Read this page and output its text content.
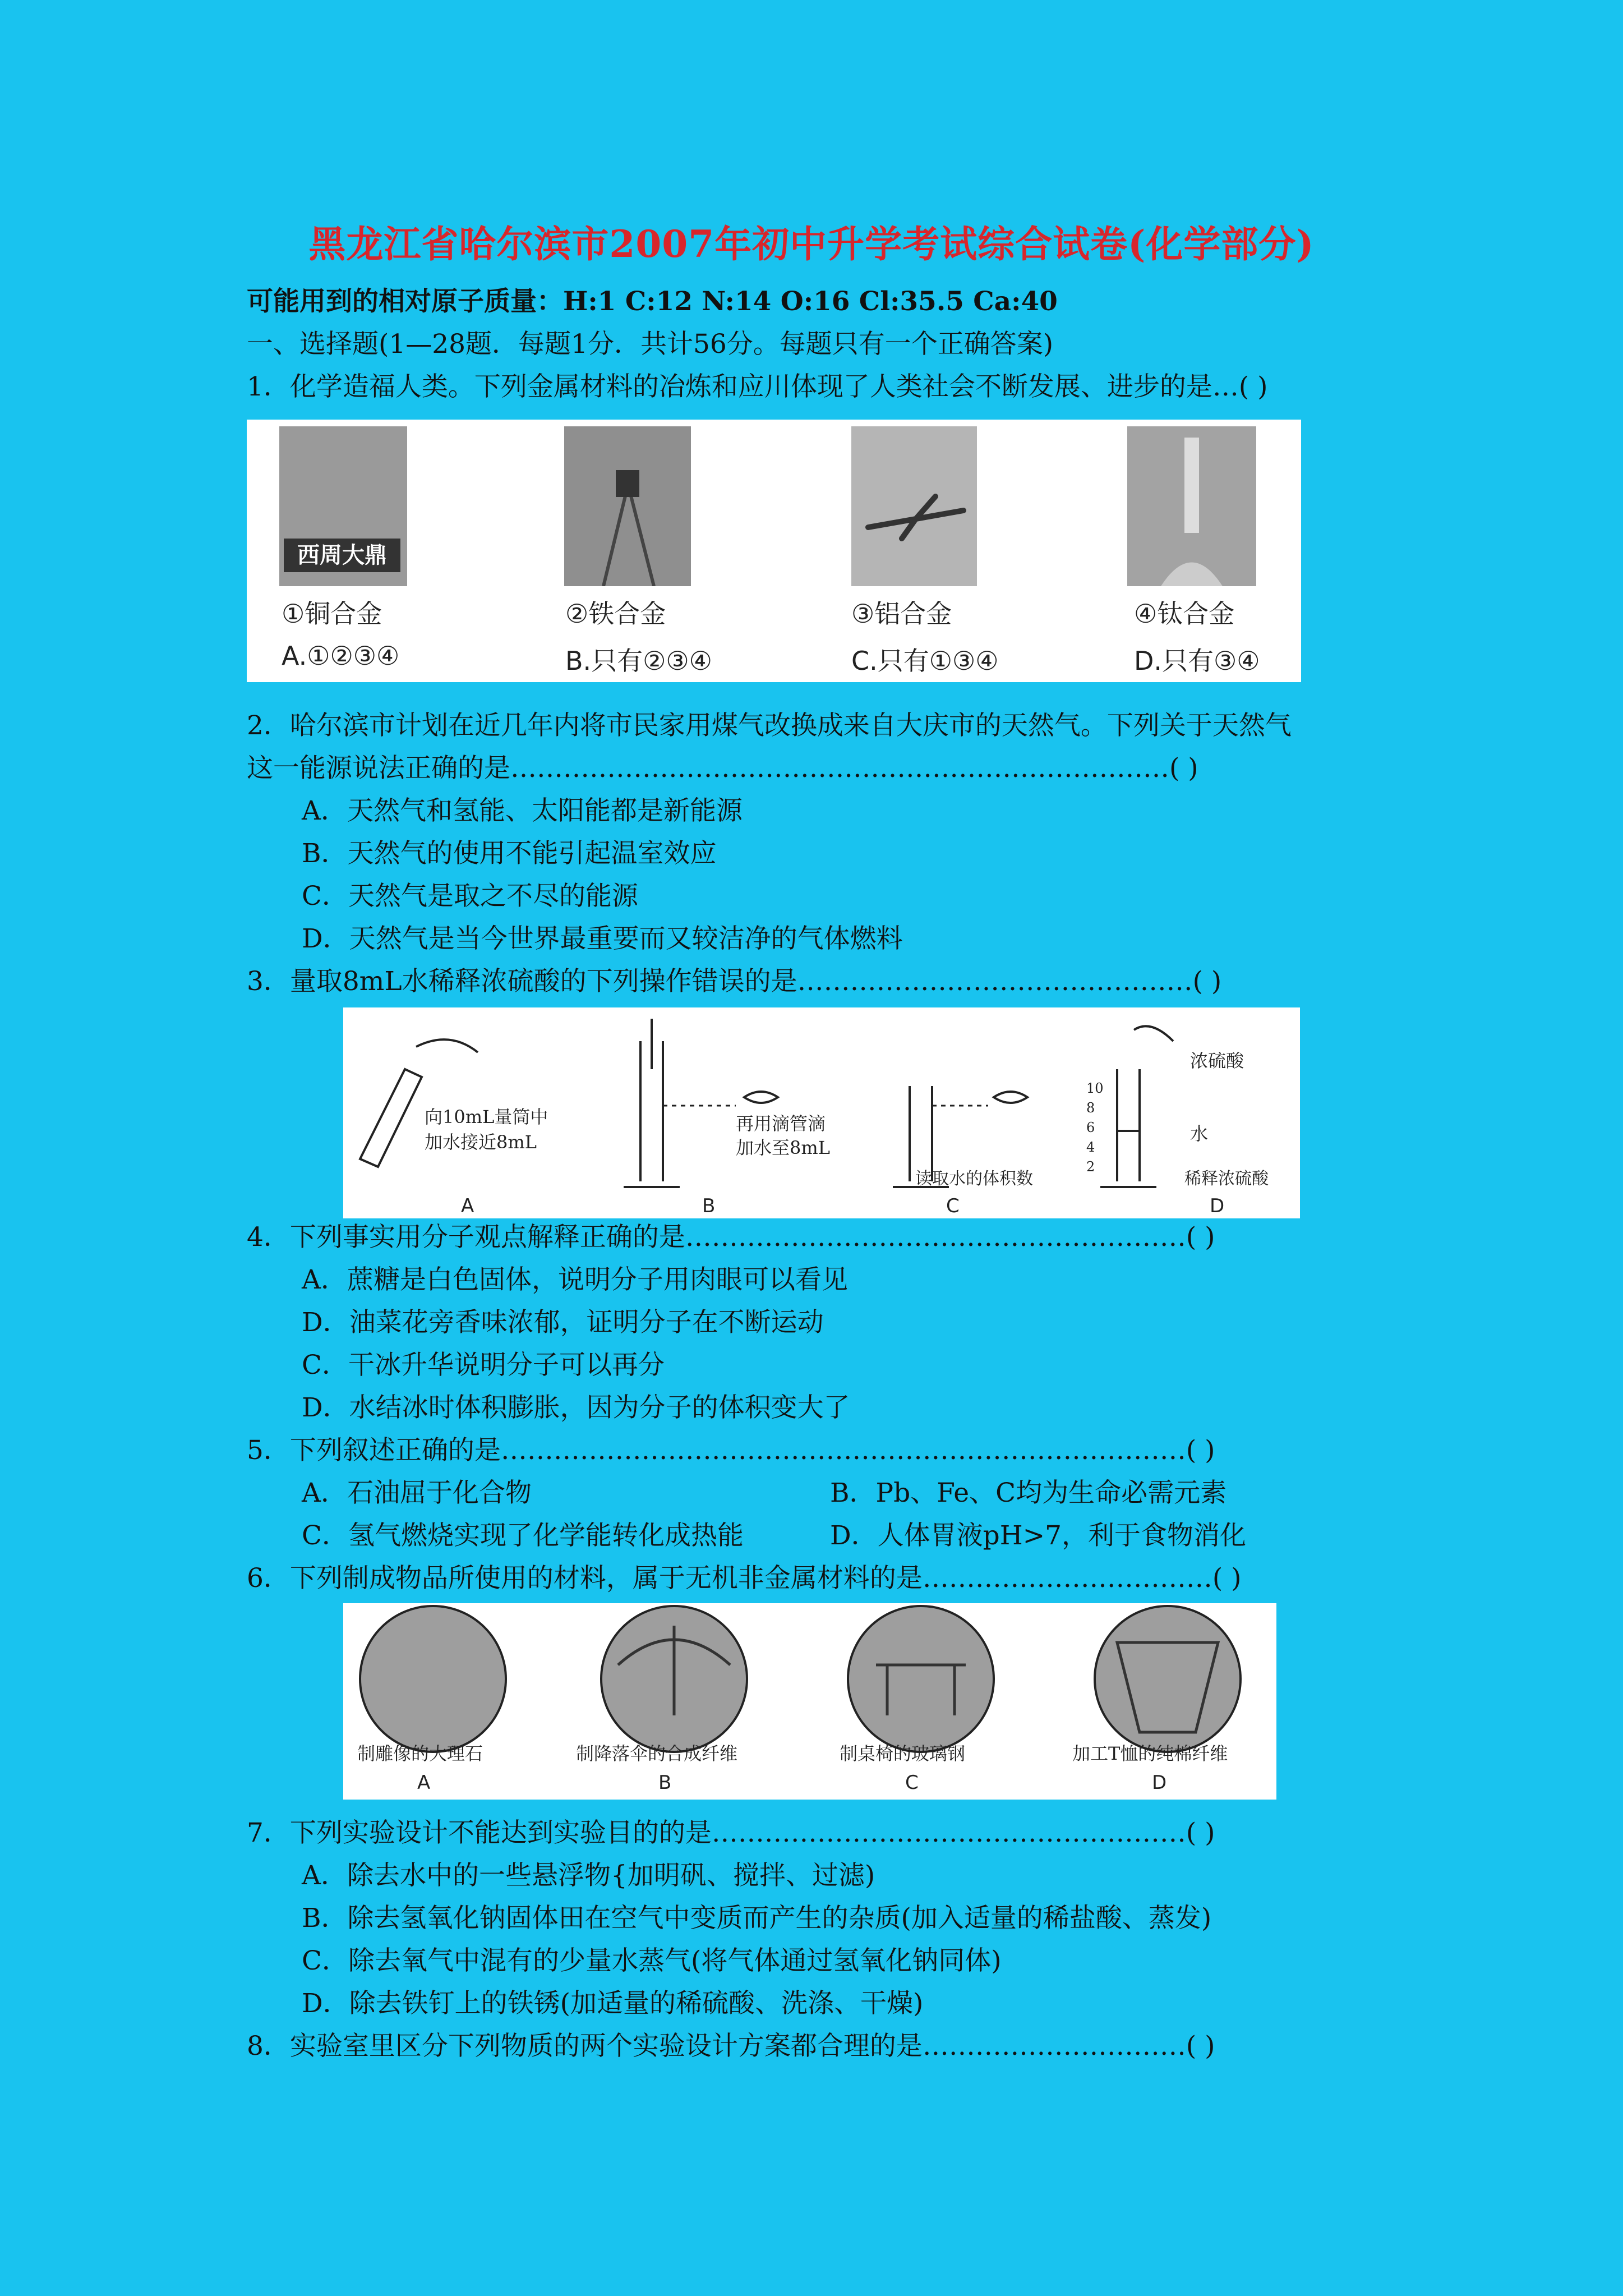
黑龙江省哈尔滨市2007年初中升学考试综合试卷(化学部分)
可能用到的相对原子质量：H:1 C:12 N:14 O:16 Cl:35.5 Ca:40
一、选择题(1—28题．每题1分．共计56分。每题只有一个正确答案)
1．化学造福人类。下列金属材料的冶炼和应川体现了人类社会不断发展、进步的是…( )
西周大鼎
①铜合金	②铁合金	③铝合金	④钛合金
A.①②③④	B.只有②③④	C.只有①③④	D.只有③④
2．哈尔滨市计划在近几年内将市民家用煤气改换成来自大庆市的天然气。下列关于天然气
这一能源说法正确的是…………………………………………………………………( )
A．天然气和氢能、太阳能都是新能源
B．天然气的使用不能引起温室效应
C．天然气是取之不尽的能源
D．天然气是当今世界最重要而又较洁净的气体燃料
3．量取8mL水稀释浓硫酸的下列操作错误的是………………………………………( )
向10mL量筒中
加水接近8mL
再用滴管滴
加水至8mL
读取水的体积数
浓硫酸
水
稀释浓硫酸
10
8
6
4
2
A	B	C	D
4．下列事实用分子观点解释正确的是…………………………………………………( )
A．蔗糖是白色固体，说明分子用肉眼可以看见
D．油菜花旁香味浓郁，证明分子在不断运动
C．干冰升华说明分子可以再分
D．水结冰时体积膨胀，因为分子的体积变大了
5．下列叙述正确的是……………………………………………………………………( )
A．石油屈于化合物	B．Pb、Fe、C均为生命必需元素
C．氢气燃烧实现了化学能转化成热能	D．人体胃液pH>7，利于食物消化
6．下列制成物品所使用的材料，属于无机非金属材料的是……………………………( )
制雕像的大理石	制降落伞的合成纤维	制桌椅的玻璃钢	加工T恤的纯棉纤维
A	B	C	D
7．下列实验设计不能达到实验目的的是………………………………………………( )
A．除去水中的一些悬浮物{加明矾、搅拌、过滤)
B．除去氢氧化钠固体田在空气中变质而产生的杂质(加入适量的稀盐酸、蒸发)
C．除去氧气中混有的少量水蒸气(将气体通过氢氧化钠同体)
D．除去铁钉上的铁锈(加适量的稀硫酸、洗涤、干燥)
8．实验室里区分下列物质的两个实验设计方案都合理的是…………………………( )
